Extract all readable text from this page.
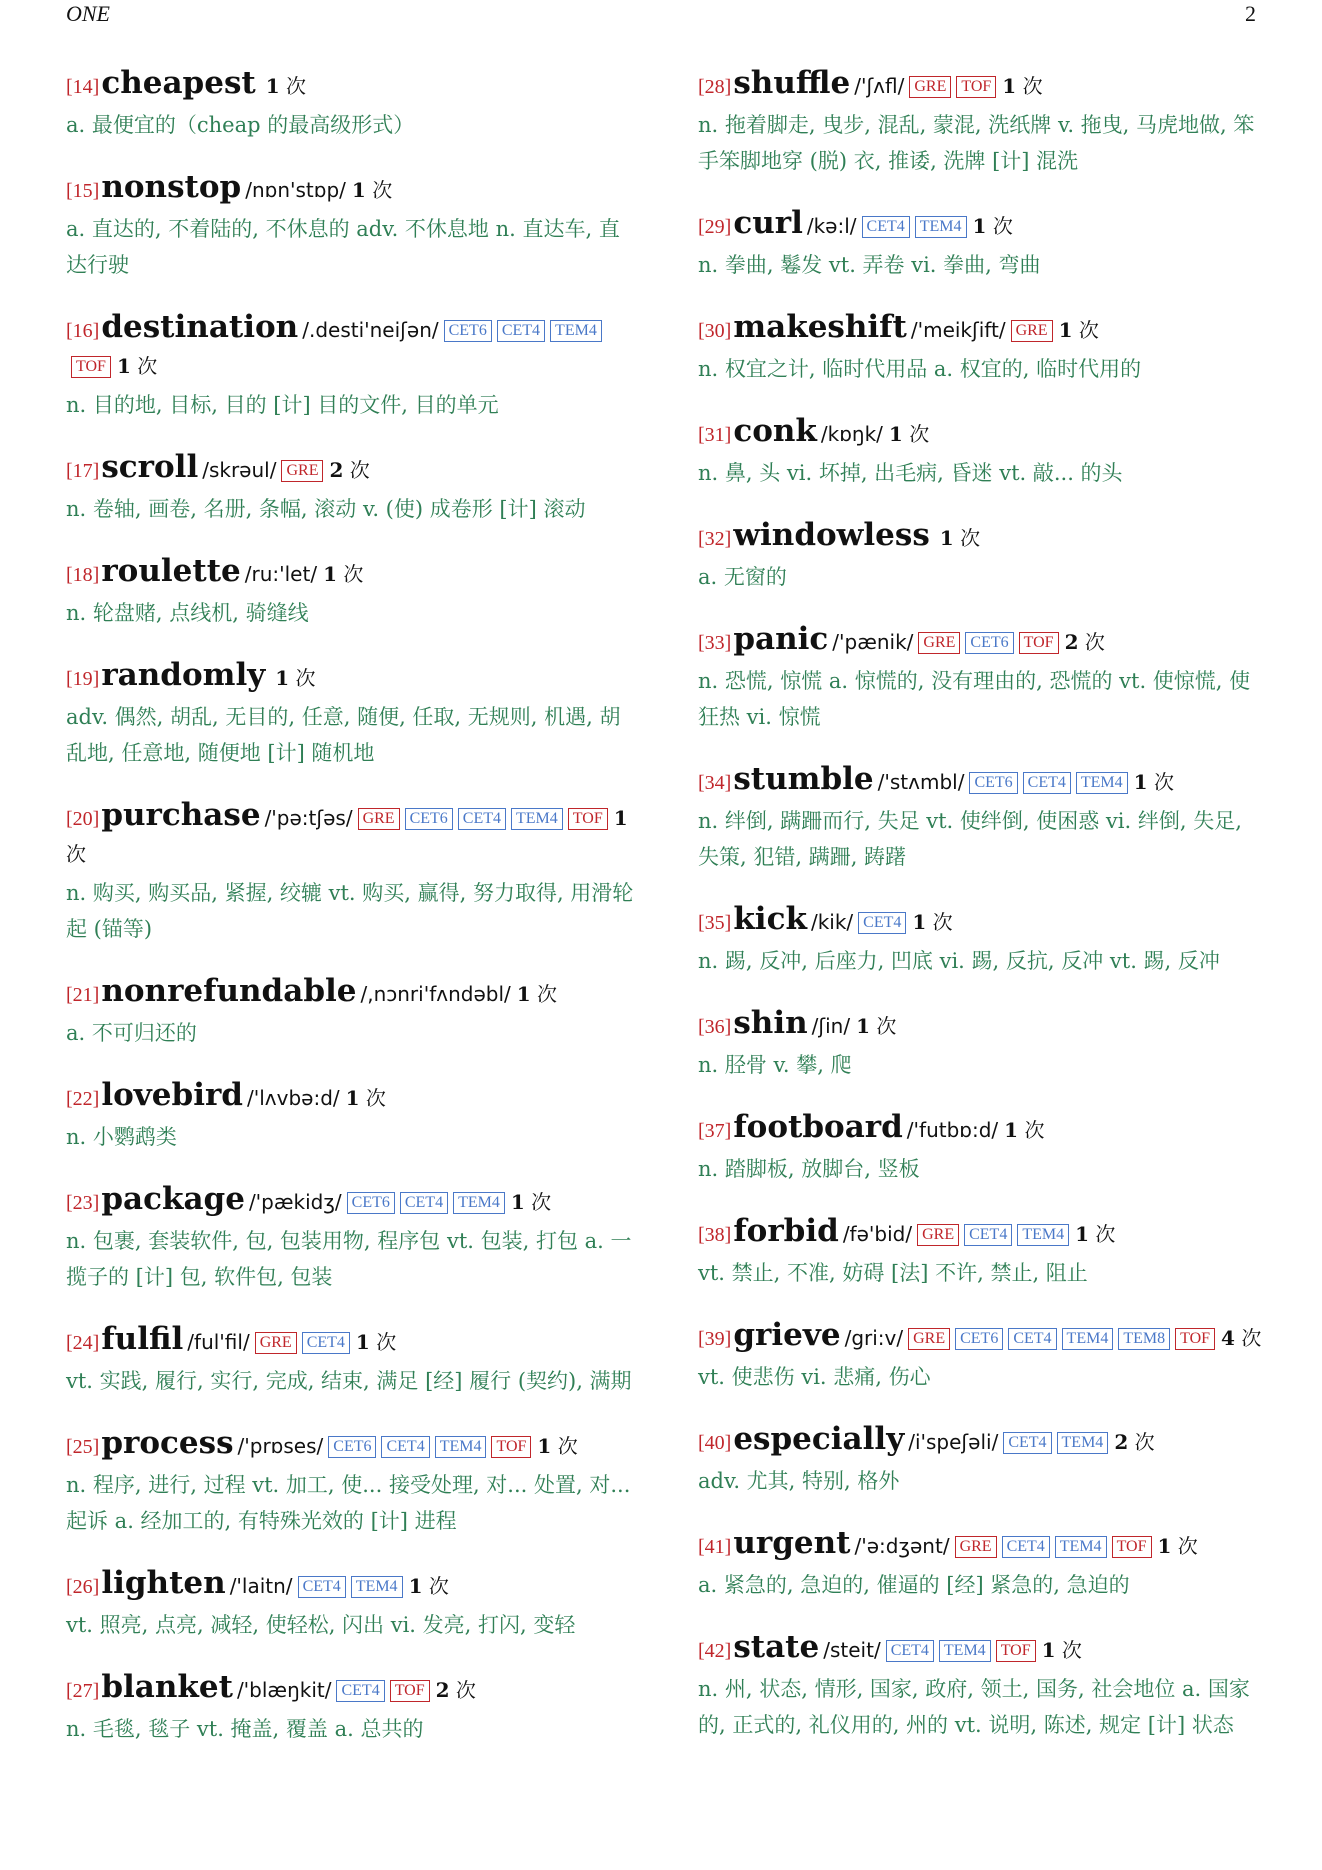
ONE	2
[14]cheapest 1 次
a. 最便宜的（cheap 的最高级形式）
[15]nonstop /nɒn'stɒp/ 1 次
a. 直达的, 不着陆的, 不休息的 adv. 不休息地 n. 直达车, 直达行驶
[16]destination /.desti'neiʃən/ CET6 CET4 TEM4TOF 1 次
n. 目的地, 目标, 目的 [计] 目的文件, 目的单元
[17]scroll /skrəul/ GRE 2 次
n. 卷轴, 画卷, 名册, 条幅, 滚动 v. (使) 成卷形 [计] 滚动
[18]roulette /ru:'let/ 1 次
n. 轮盘赌, 点线机, 骑缝线
[19]randomly 1 次
adv. 偶然, 胡乱, 无目的, 任意, 随便, 任取, 无规则, 机遇, 胡乱地, 任意地, 随便地 [计] 随机地
[20]purchase /'pə:tʃəs/ GRE CET6 CET4 TEM4 TOF 1 次
n. 购买, 购买品, 紧握, 绞辘 vt. 购买, 赢得, 努力取得, 用滑轮起 (锚等)
[21]nonrefundable /,nɔnri'fʌndəbl/ 1 次
a. 不可归还的
[22]lovebird /'lʌvbə:d/ 1 次
n. 小鹦鹉类
[23]package /'pækidʒ/ CET6 CET4 TEM4 1 次
n. 包裹, 套装软件, 包, 包装用物, 程序包 vt. 包装, 打包 a. 一揽子的 [计] 包, 软件包, 包装
[24]fulfil /ful'fil/ GRE CET4 1 次
vt. 实践, 履行, 实行, 完成, 结束, 满足 [经] 履行 (契约), 满期
[25]process /'prɒses/ CET6 CET4 TEM4 TOF 1 次
n. 程序, 进行, 过程 vt. 加工, 使... 接受处理, 对... 处置, 对... 起诉 a. 经加工的, 有特殊光效的 [计] 进程
[26]lighten /'laitn/ CET4 TEM4 1 次
vt. 照亮, 点亮, 减轻, 使轻松, 闪出 vi. 发亮, 打闪, 变轻
[27]blanket /'blæŋkit/ CET4 TOF 2 次
n. 毛毯, 毯子 vt. 掩盖, 覆盖 a. 总共的
[28]shuffle /'ʃʌfl/ GRE TOF 1 次
n. 拖着脚走, 曳步, 混乱, 蒙混, 洗纸牌 v. 拖曳, 马虎地做, 笨手笨脚地穿 (脱) 衣, 推诿, 洗牌 [计] 混洗
[29]curl /kə:l/ CET4 TEM4 1 次
n. 拳曲, 鬈发 vt. 弄卷 vi. 拳曲, 弯曲
[30]makeshift /'meikʃift/ GRE 1 次
n. 权宜之计, 临时代用品 a. 权宜的, 临时代用的
[31]conk /kɒŋk/ 1 次
n. 鼻, 头 vi. 坏掉, 出毛病, 昏迷 vt. 敲... 的头
[32]windowless 1 次
a. 无窗的
[33]panic /'pænik/ GRE CET6 TOF 2 次
n. 恐慌, 惊慌 a. 惊慌的, 没有理由的, 恐慌的 vt. 使惊慌, 使狂热 vi. 惊慌
[34]stumble /'stʌmbl/ CET6 CET4 TEM4 1 次
n. 绊倒, 蹒跚而行, 失足 vt. 使绊倒, 使困惑 vi. 绊倒, 失足, 失策, 犯错, 蹒跚, 踌躇
[35]kick /kik/ CET4 1 次
n. 踢, 反冲, 后座力, 凹底 vi. 踢, 反抗, 反冲 vt. 踢, 反冲
[36]shin /ʃin/ 1 次
n. 胫骨 v. 攀, 爬
[37]footboard /'futbɒ:d/ 1 次
n. 踏脚板, 放脚台, 竖板
[38]forbid /fə'bid/ GRE CET4 TEM4 1 次
vt. 禁止, 不准, 妨碍 [法] 不许, 禁止, 阻止
[39]grieve /gri:v/ GRE CET6 CET4 TEM4 TEM8 TOF 4 次
vt. 使悲伤 vi. 悲痛, 伤心
[40]especially /i'speʃəli/ CET4 TEM4 2 次
adv. 尤其, 特别, 格外
[41]urgent /'ə:dʒənt/ GRE CET4 TEM4 TOF 1 次
a. 紧急的, 急迫的, 催逼的 [经] 紧急的, 急迫的
[42]state /steit/ CET4 TEM4 TOF 1 次
n. 州, 状态, 情形, 国家, 政府, 领土, 国务, 社会地位 a. 国家的, 正式的, 礼仪用的, 州的 vt. 说明, 陈述, 规定 [计] 状态
